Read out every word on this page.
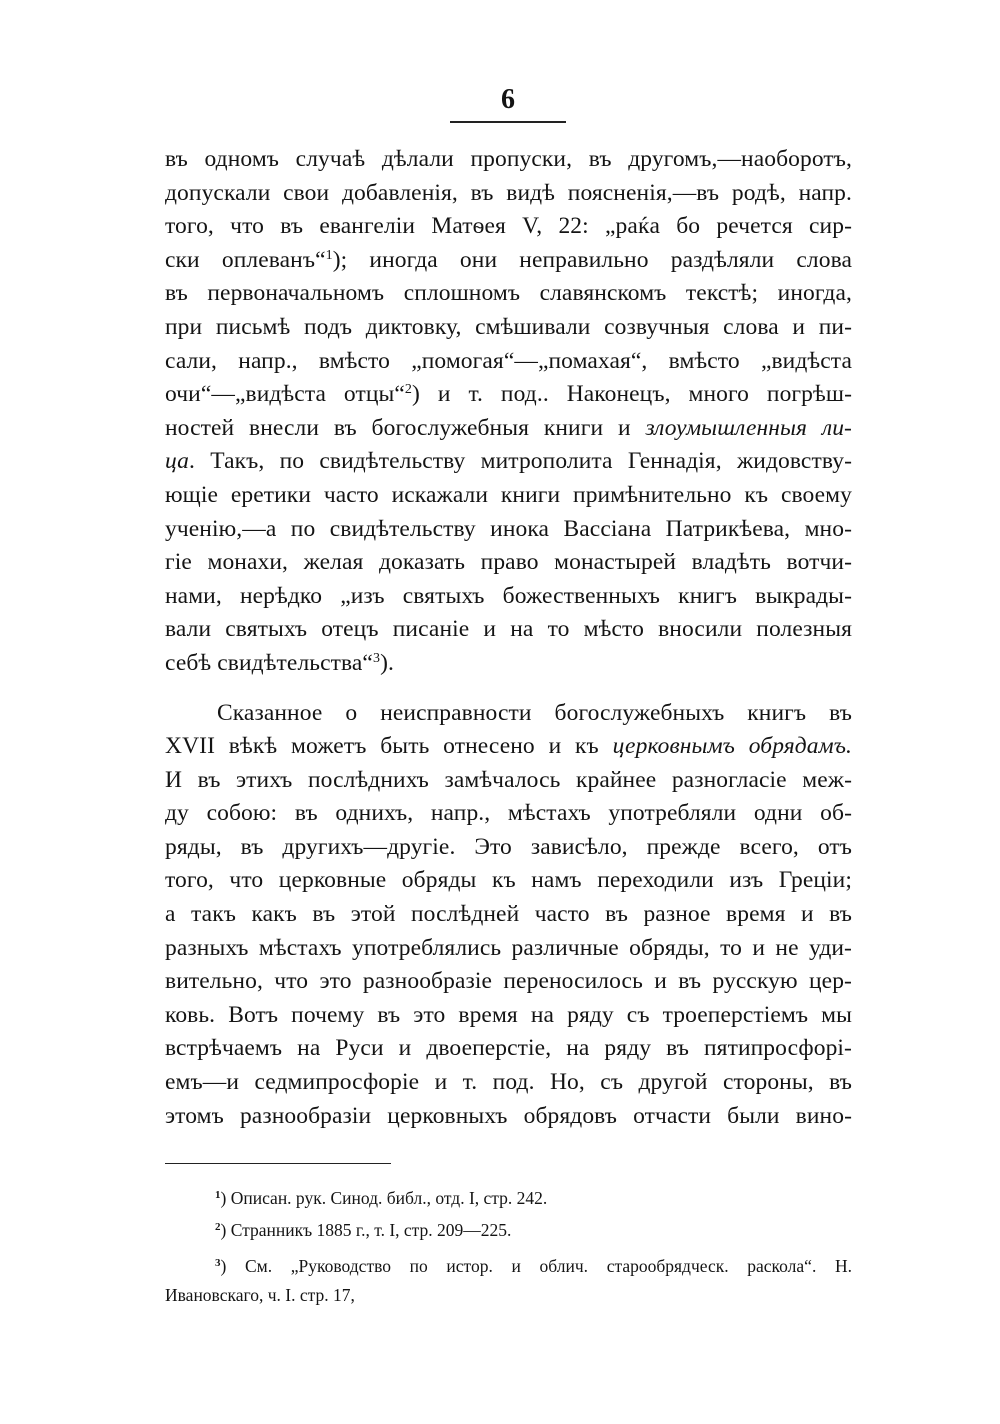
6
въ одномъ случаѣ дѣлали пропуски, въ другомъ,—наоборотъ,
допускали свои добавленія, въ видѣ поясненія,—въ родѣ, напр.
того, что въ евангеліи Матѳея V, 22: „раќа бо речется сир-
ски оплеванъ“$^1$); иногда они неправильно раздѣляли слова
въ первоначальномъ сплошномъ славянскомъ текстѣ; иногда,
при письмѣ подъ диктовку, смѣшивали созвучныя слова и пи-
сали, напр., вмѣсто „помогая“—„помахая“, вмѣсто „видѣста
очи“—„видѣста отцы“$^2$) и т. под.. Наконецъ, много погрѣш-
ностей внесли въ богослужебныя книги и злоумышленныя ли-
ца. Такъ, по свидѣтельству митрополита Геннадія, жидовству-
ющіе еретики часто искажали книги примѣнительно къ своему
ученію,—а по свидѣтельству инока Вассіана Патрикѣева, мно-
гіе монахи, желая доказать право монастырей владѣть вотчи-
нами, нерѣдко „изъ святыхъ божественныхъ книгъ выкрады-
вали святыхъ отецъ писаніе и на то мѣсто вносили полезныя
себѣ свидѣтельства“$^3$).
Сказанное о неисправности богослужебныхъ книгъ въ
XVII вѣкѣ можетъ быть отнесено и къ церковнымъ обрядамъ.
И въ этихъ послѣднихъ замѣчалось крайнее разногласіе меж-
ду собою: въ однихъ, напр., мѣстахъ употребляли одни об-
ряды, въ другихъ—другіе. Это зависѣло, прежде всего, отъ
того, что церковные обряды къ намъ переходили изъ Греціи;
а такъ какъ въ этой послѣдней часто въ разное время и въ
разныхъ мѣстахъ употреблялись различные обряды, то и не уди-
вительно, что это разнообразіе переносилось и въ русскую цер-
ковь. Вотъ почему въ это время на ряду съ троеперстіемъ мы
встрѣчаемъ на Руси и двоеперстіе, на ряду въ пятипросфорі-
емъ—и седмипросфоріе и т. под. Но, съ другой стороны, въ
этомъ разнообразіи церковныхъ обрядовъ отчасти были вино-
$^1$) Описан. рук. Синод. библ., отд. I, стр. 242.
$^2$) Странникъ 1885 г., т. I, стр. 209—225.
$^3$) См. „Руководство по истор. и облич. старообрядческ. раскола“. Н.
Ивановскаго, ч. I. стр. 17,
